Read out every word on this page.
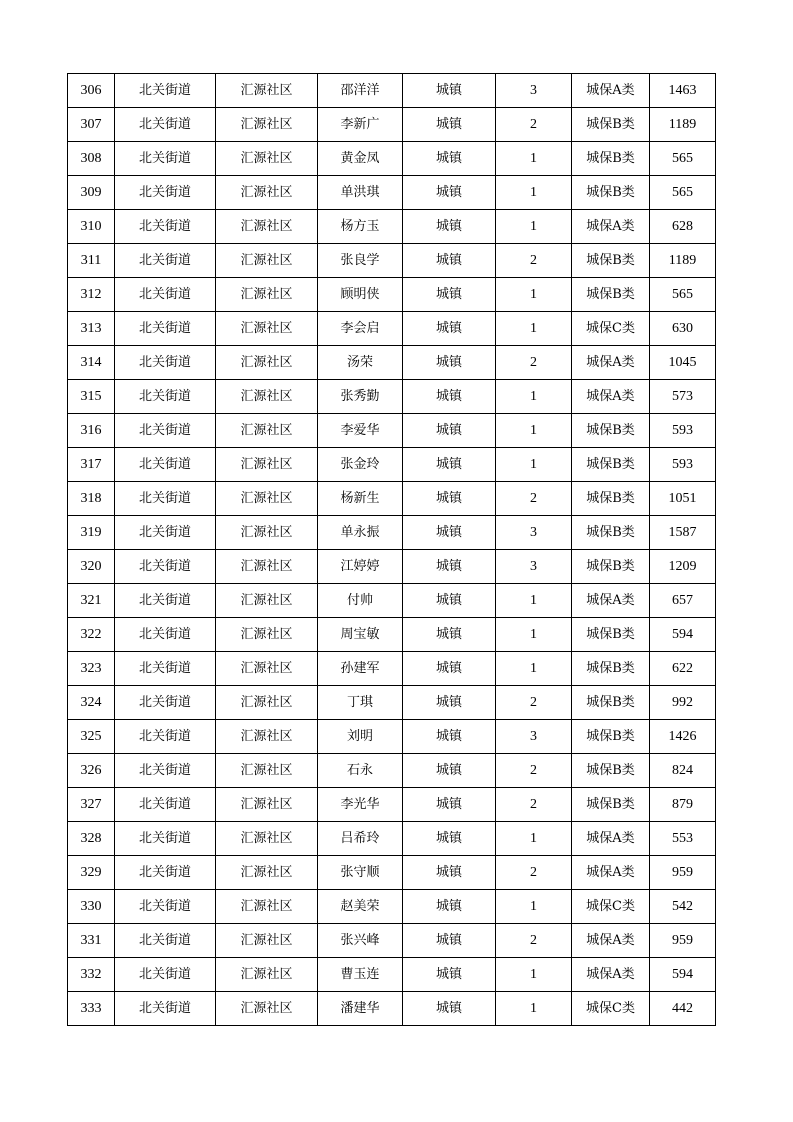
306	北关街道	汇源社区	邵洋洋	城镇	3	城保A类	1463
307	北关街道	汇源社区	李新广	城镇	2	城保B类	1189
308	北关街道	汇源社区	黄金凤	城镇	1	城保B类	565
309	北关街道	汇源社区	单洪琪	城镇	1	城保B类	565
310	北关街道	汇源社区	杨方玉	城镇	1	城保A类	628
311	北关街道	汇源社区	张良学	城镇	2	城保B类	1189
312	北关街道	汇源社区	顾明侠	城镇	1	城保B类	565
313	北关街道	汇源社区	李会启	城镇	1	城保C类	630
314	北关街道	汇源社区	汤荣	城镇	2	城保A类	1045
315	北关街道	汇源社区	张秀勤	城镇	1	城保A类	573
316	北关街道	汇源社区	李爱华	城镇	1	城保B类	593
317	北关街道	汇源社区	张金玲	城镇	1	城保B类	593
318	北关街道	汇源社区	杨新生	城镇	2	城保B类	1051
319	北关街道	汇源社区	单永振	城镇	3	城保B类	1587
320	北关街道	汇源社区	江婷婷	城镇	3	城保B类	1209
321	北关街道	汇源社区	付帅	城镇	1	城保A类	657
322	北关街道	汇源社区	周宝敏	城镇	1	城保B类	594
323	北关街道	汇源社区	孙建军	城镇	1	城保B类	622
324	北关街道	汇源社区	丁琪	城镇	2	城保B类	992
325	北关街道	汇源社区	刘明	城镇	3	城保B类	1426
326	北关街道	汇源社区	石永	城镇	2	城保B类	824
327	北关街道	汇源社区	李光华	城镇	2	城保B类	879
328	北关街道	汇源社区	吕希玲	城镇	1	城保A类	553
329	北关街道	汇源社区	张守顺	城镇	2	城保A类	959
330	北关街道	汇源社区	赵美荣	城镇	1	城保C类	542
331	北关街道	汇源社区	张兴峰	城镇	2	城保A类	959
332	北关街道	汇源社区	曹玉连	城镇	1	城保A类	594
333	北关街道	汇源社区	潘建华	城镇	1	城保C类	442
